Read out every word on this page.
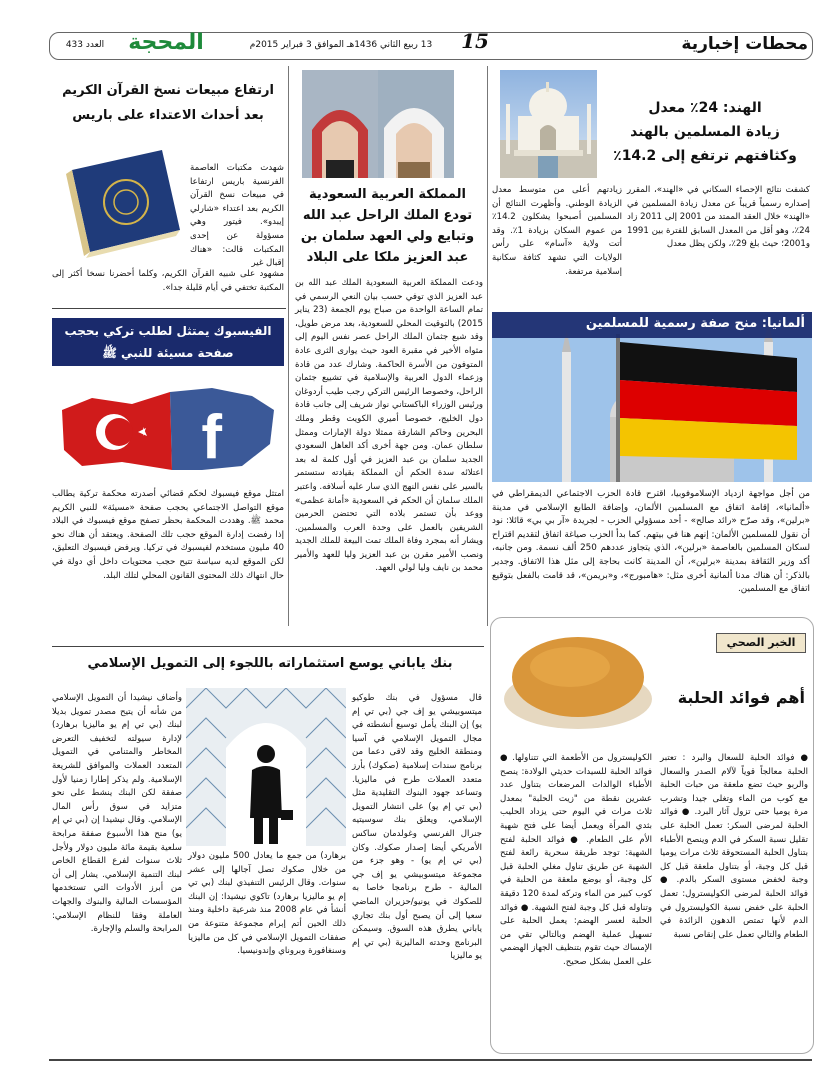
محطات إخبارية
15
13 ربيع الثاني 1436هـ الموافق 3 فبراير 2015م
المحجة
العدد 433
الهند: 24٪ معدل
زيادة المسلمين بالهند
وكثافتهم ترتفع إلى 14.2٪
كشفت نتائج الإحصاء السكاني في «الهند»، المقرر إصداره رسمياً قريباً عن معدل زيادة المسلمين في «الهند» خلال العقد الممتد من 2001 إلى 2011 زاد 24٪، وهو أقل من المعدل السابق للفترة بين 1991 و2001؛ حيث بلغ 29٪، ولكن يظل معدل
زيادتهم أعلى من متوسط معدل الزيادة الوطني. وأظهرت النتائج أن المسلمين أصبحوا يشكلون 14.2٪ من عموم السكان بزيادة 1٪. وقد أتت ولاية «آسام» على رأس الولايات التي تشهد كثافة سكانية إسلامية مرتفعة.
ألمانيا: منح صفة رسمية للمسلمين
من أجل مواجهة ازدياد الإسلاموفوبيا، اقترح قادة الحزب الاجتماعي الديمقراطي في «ألمانيا»، إقامة اتفاق مع المسلمين الألمان، وإضافة الطابع الإسلامي في مدينة «برلين»، وقد صرّح «رائد صالح» - أحد مسؤولي الحزب - لجريدة «آر بي بي» قائلا: نود أن نقول للمسلمين الألمان: إنهم هنا في بيتهم. كما بدأ الحزب صياغة اتفاق لتقديم اقتراح لسكان المسلمين بالعاصمة «برلين»، الذي يتجاوز عددهم 250 ألف نسمة. ومن جانبه، أكد وزير الثقافة بمدينة «برلين»، أن المدينة كانت بحاجة إلى مثل هذا الاتفاق. وجدير بالذكر: أن هناك مدنا ألمانية أخرى مثل: «هامبورج»، و«بريمن»، قد قامت بالفعل بتوقيع اتفاق مع المسلمين.
المملكة العربية السعودية
تودع الملك الراحل عبد الله
وتبايع ولي العهد سلمان بن
عبد العزيز ملكا على البلاد
ودعت المملكة العربية السعودية الملك عبد الله بن عبد العزيز الذي توفي حسب بيان النعي الرسمي في تمام الساعة الواحدة من صباح يوم الجمعة (23 يناير 2015) بالتوقيت المحلي للسعودية، بعد مرض طويل، وقد شيع جثمان الملك الراحل عصر نفس اليوم إلى مثواه الأخير في مقبرة العود حيث يوارى الثرى عادة المتوفون من الأسرة الحاكمة. وشارك عدد من قادة وزعماء الدول العربية والإسلامية في تشييع جثمان الراحل، وخصوصا الرئيس التركي رجب طيب أردوغان ورئيس الوزراء الباكستاني نواز شريف إلى جانب قادة دول الخليج، خصوصا أميري الكويت وقطر وملك البحرين وحاكم الشارقة ممثلا دولة الإمارات وممثل سلطان عمان. ومن جهة أخرى أكد العاهل السعودي الجديد سلمان بن عبد العزيز في أول كلمة له بعد اعتلائه سدة الحكم أن المملكة بقيادته ستستمر بالسير على نفس النهج الذي سار عليه أسلافه. واعتبر الملك سلمان أن الحكم في السعودية «أمانة عظمى» ووعد بأن تستمر بلاده التي تحتضن الحرمين الشريفين بالعمل على وحدة العرب والمسلمين. ويشار أنه بمجرد وفاة الملك تمت البيعة للملك الجديد ونصب الأمير مقرن بن عبد العزيز وليا للعهد والأمير محمد بن نايف وليا لولي العهد.
ارتفاع مبيعات نسخ القرآن الكريم
بعد أحداث الاعتداء على باريس
شهدت مكتبات العاصمة الفرنسية باريس ارتفاعا في مبيعات نسخ القرآن الكريم بعد اعتداء «شارلي إيبدو». فيتور وهي مسؤولة عن إحدى المكتبات قالت: «هناك إقبال غير
مشهود على شبيه القرآن الكريم، وكلما أحضرنا نسخا أكثر إلى المكتبة تختفي في أيام قليلة جدا».
الفيسبوك يمتثل لطلب تركي بحجب
صفحة مسيئة للنبي ﷺ
f
امتثل موقع فيسبوك لحكم قضائي أصدرته محكمة تركية يطالب موقع التواصل الاجتماعي بحجب صفحة «مسيئة» للنبي الكريم محمد ﷺ. وهددت المحكمة بحظر تصفح موقع فيسبوك في البلاد إذا رفضت إدارة الموقع حجب تلك الصفحة. ويعتقد أن هناك نحو 40 مليون مستخدم لفيسبوك في تركيا. ويرفض فيسبوك التعليق، لكن الموقع لديه سياسة تتيح حجب محتويات داخل أي دولة في حال انتهاك ذلك المحتوى القانون المحلي لتلك البلد.
الخبر الصحي
أهم فوائد الحلبة
● فوائد الحلبة للسعال والبرد : تعتبر الحلبة معالجاً قوياً لآلام الصدر والسعال والربو حيث تضع ملعقة من حبات الحلبة مع كوب من الماء وتغلى جيدا وتشرب مرة يوميا حتى تزول آثار البرد. ● فوائد الحلبة لمرضى السكر: تعمل الحلبة على تقليل نسبة السكر في الدم وينصح الأطباء بتناول الحلبة المستحوقة ثلاث مرات يوميا قبل كل وجبة، أو بتناول ملعقة قبل كل وجبة لخفض مستوى السكر بالدم. ● فوائد الحلبة لمرضى الكوليسترول: تعمل الحلبة على خفض نسبة الكوليسترول في الدم لأنها تمتص الدهون الزائدة في الطعام والتالي تعمل على إنقاص نسبة
الكوليسترول من الأطعمة التي تتناولها. ● فوائد الحلبة للسيدات حديثي الولادة: ينصح الأطباء الوالدات المرضعات بتناول عدد عشرين نقطة من "زيت الحلبة" بمعدل ثلاث مرات في اليوم حتى يزداد الحليب بثدي المرأة ويعمل أيضا على فتح شهية الأم على الطعام. ● فوائد الحلبة لفتح الشهية: توجد طريقة سحرية رائعة لفتح الشهية عن طريق تناول مغلي الحلبة قبل كل وجبة، أو بوضع ملعقة من الحلبة في كوب كبير من الماء وتركه لمدة 120 دقيقة وتناوله قبل كل وجبة لفتح الشهية. ● فوائد الحلبة لعسر الهضم: يعمل الحلبة على تسهيل عملية الهضم وبالتالي تقي من الإمساك حيث تقوم بتنظيف الجهاز الهضمي على العمل بشكل صحيح.
بنك ياباني يوسع استثماراته باللجوء إلى التمويل الإسلامي
قال مسؤول في بنك طوكيو ميتسوبيشي يو إف جي (بي تي إم يو) إن البنك يأمل توسيع أنشطته في مجال التمويل الإسلامي في آسيا ومنطقة الخليج وقد لاقى دعما من برنامج سندات إسلامية (صكوك) بأرز متعدد العملات طرح في ماليزيا. وتساعد جهود البنوك التقليدية مثل (بي تي إم يو) على انتشار التمويل الإسلامي، ويعلق بنك سوسيتيه جنرال الفرنسي وغولدمان ساكس الأمريكي أيضا إصدار صكوك. وكان (بي تي إم يو) - وهو جزء من مجموعة ميتسوبيشي يو إف جي المالية - طرح برنامجا خاصا به للصكوك في يونيو/حزيران الماضي سعيا إلى أن يصبح أول بنك تجاري ياباني يطرق هذه السوق. وسيمكن البرنامج وحدته الماليزية (بي تي إم يو ماليزيا
برهارد) من جمع ما يعادل 500 مليون دولار من خلال صكوك تصل آجالها إلى عشر سنوات. وقال الرئيس التنفيذي لبنك (بي تي إم يو ماليزيا برهارد) تاكوي نيشيدا: إن البنك أنشأ في عام 2008 منذ شرعية داخلية ومنذ ذلك الحين أتم إبرام مجموعة متنوعة من صفقات التمويل الإسلامي في كل من ماليزيا وسنغافورة وبروناي وإندونيسيا.
وأضاف نيشيدا أن التمويل الإسلامي من شأنه أن يتيح مصدر تمويل بديلا لبنك (بي تي إم يو ماليزيا برهارد) لإدارة سيولته لتخفيف التعرض المخاطر والمتنامي في التمويل المتعدد العملات والموافق للشريعة الإسلامية. ولم يذكر إطارا زمنيا لأول صفقة لكن البنك ينشط على نحو متزايد في سوق رأس المال الإسلامي. وقال نيشيدا إن (بي تي إم يو) منح هذا الأسبوع صفقة مرابحة سلعية بقيمة مائة مليون دولار ولأجل ثلاث سنوات لفرع القطاع الخاص لبنك التنمية الإسلامي. يشار إلى أن من أبرز الأدوات التي تستخدمها المؤسسات المالية والبنوك والجهات العاملة وفقا للنظام الإسلامي: المرابحة والسلم والإجارة.
